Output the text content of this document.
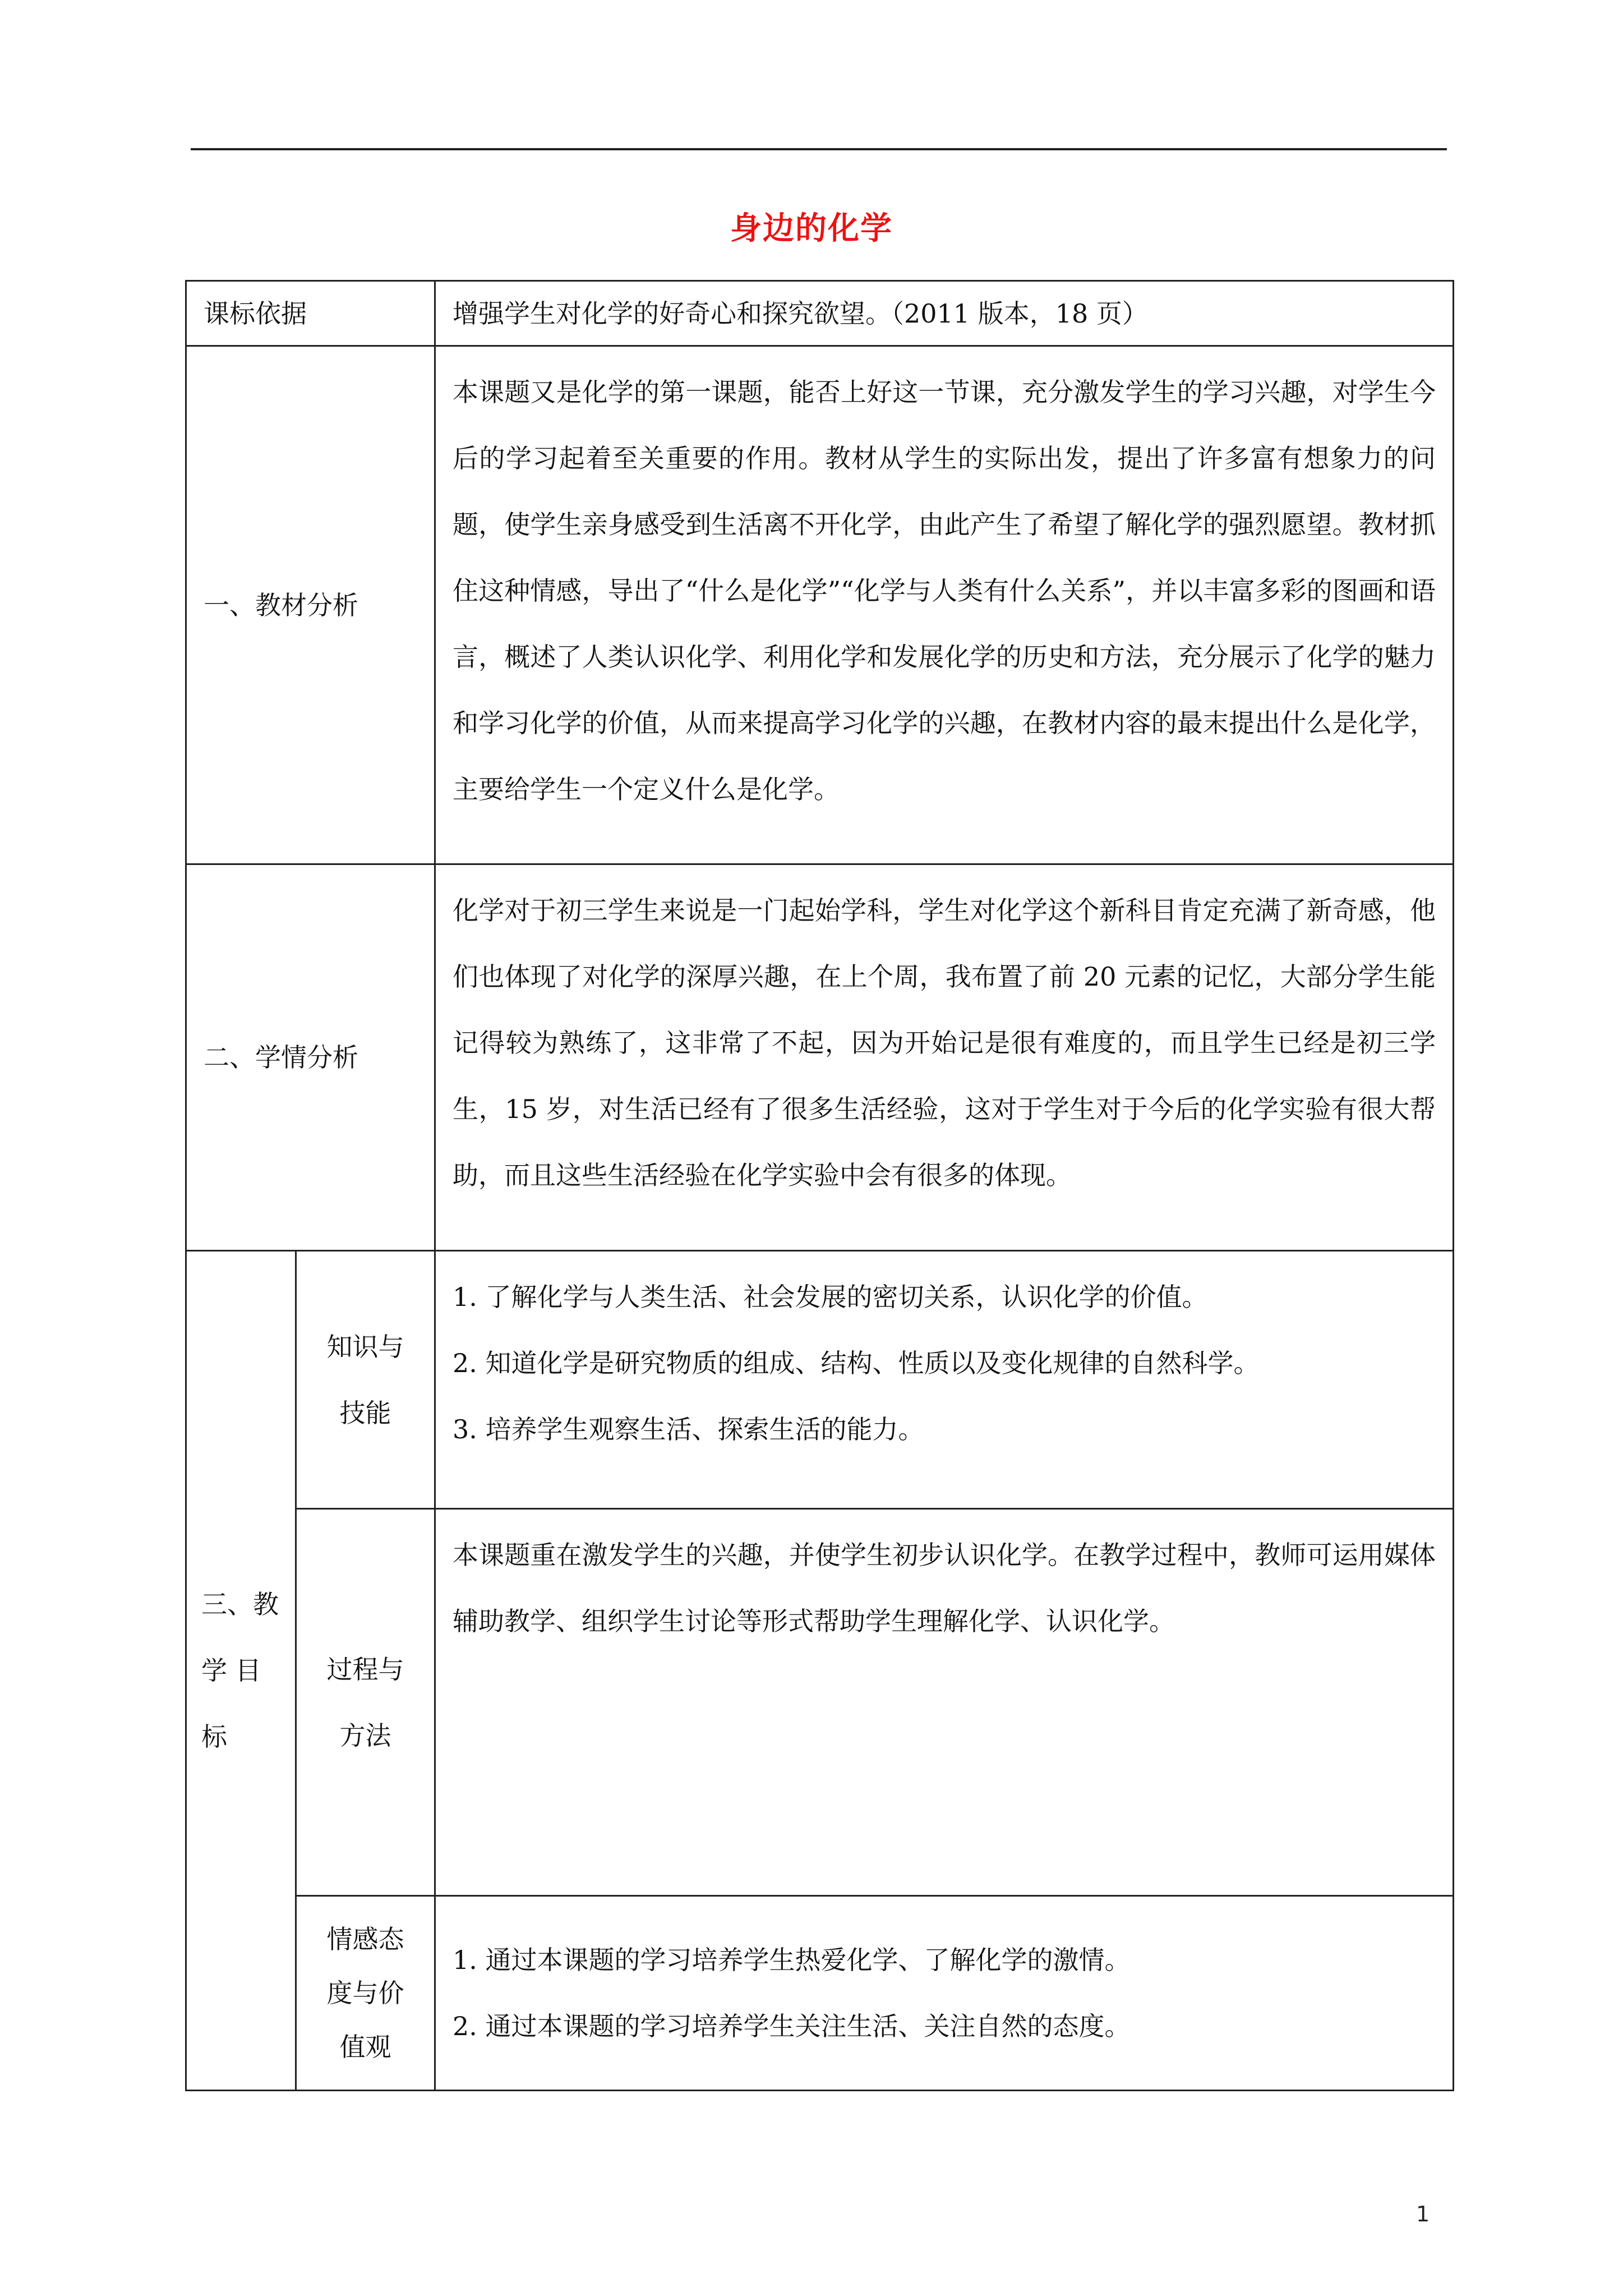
身边的化学
课标依据		增强学生对化学的好奇心和探究欲望。（2011 版本，18 页）
一、教材分析		本课题又是化学的第一课题，能否上好这一节课，充分激发学生的学习兴趣，对学生今后的学习起着至关重要的作用。教材从学生的实际出发，提出了许多富有想象力的问题，使学生亲身感受到生活离不开化学，由此产生了希望了解化学的强烈愿望。教材抓住这种情感，导出了“什么是化学”“化学与人类有什么关系”，并以丰富多彩的图画和语言，概述了人类认识化学、利用化学和发展化学的历史和方法，充分展示了化学的魅力和学习化学的价值，从而来提高学习化学的兴趣，在教材内容的最末提出什么是化学，主要给学生一个定义什么是化学。
二、学情分析		化学对于初三学生来说是一门起始学科，学生对化学这个新科目肯定充满了新奇感，他们也体现了对化学的深厚兴趣，在上个周，我布置了前 20 元素的记忆，大部分学生能记得较为熟练了，这非常了不起，因为开始记是很有难度的，而且学生已经是初三学生，15 岁，对生活已经有了很多生活经验，这对于学生对于今后的化学实验有很大帮助，而且这些生活经验在化学实验中会有很多的体现。

三、教 学 目 标	知识与技能	1. 了解化学与人类生活、社会发展的密切关系，认识化学的价值。
2. 知道化学是研究物质的组成、结构、性质以及变化规律的自然科学。
3. 培养学生观察生活、探索生活的能力。

	过程与方法	本课题重在激发学生的兴趣，并使学生初步认识化学。在教学过程中，教师可运用媒体辅助教学、组织学生讨论等形式帮助学生理解化学、认识化学。

	情感态度与价值观	1. 通过本课题的学习培养学生热爱化学、了解化学的激情。
2. 通过本课题的学习培养学生关注生活、关注自然的态度。
1
